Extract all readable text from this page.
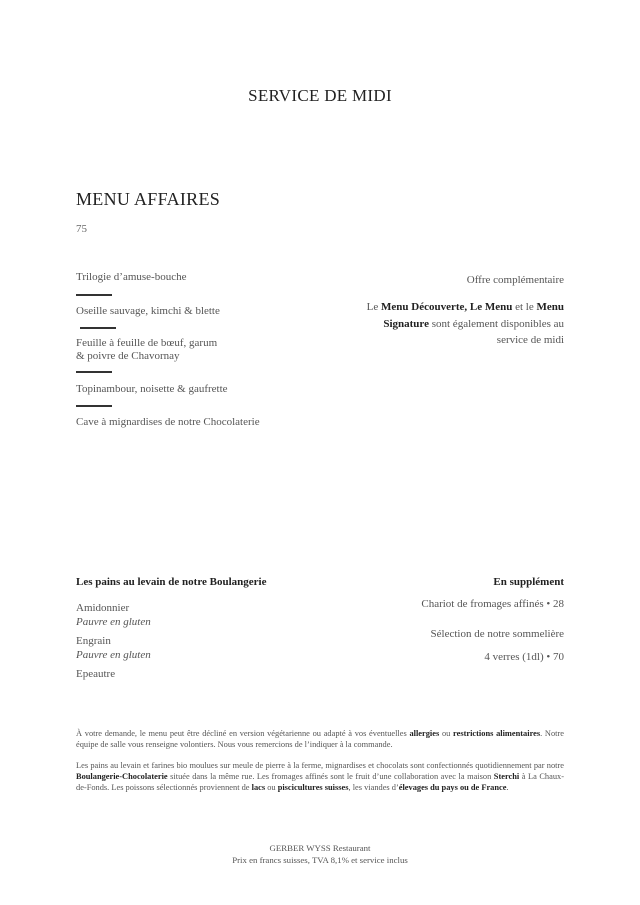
SERVICE DE MIDI
MENU AFFAIRES
75
Trilogie d’amuse-bouche
Oseille sauvage, kimchi & blette
Feuille à feuille de bœuf, garum
& poivre de Chavornay
Topinambour, noisette & gaufrette
Cave à mignardises de notre Chocolaterie
Offre complémentaire
Le Menu Découverte, Le Menu et le Menu Signature sont également disponibles au service de midi
Les pains au levain de notre Boulangerie
Amidonnier
Pauvre en gluten
Engrain
Pauvre en gluten
Epeautre
En supplément
Chariot de fromages affinés • 28
Sélection de notre sommelière
4 verres (1dl) • 70
À votre demande, le menu peut être décliné en version végétarienne ou adapté à vos éventuelles allergies ou restrictions alimentaires. Notre équipe de salle vous renseigne volontiers. Nous vous remercions de l’indiquer à la commande.
Les pains au levain et farines bio moulues sur meule de pierre à la ferme, mignardises et chocolats sont confectionnés quotidiennement par notre Boulangerie-Chocolaterie située dans la même rue. Les fromages affinés sont le fruit d’une collaboration avec la maison Sterchi à La Chaux-de-Fonds. Les poissons sélectionnés proviennent de lacs ou piscicultures suisses, les viandes d’élevages du pays ou de France.
GERBER WYSS Restaurant
Prix en francs suisses, TVA 8,1% et service inclus
